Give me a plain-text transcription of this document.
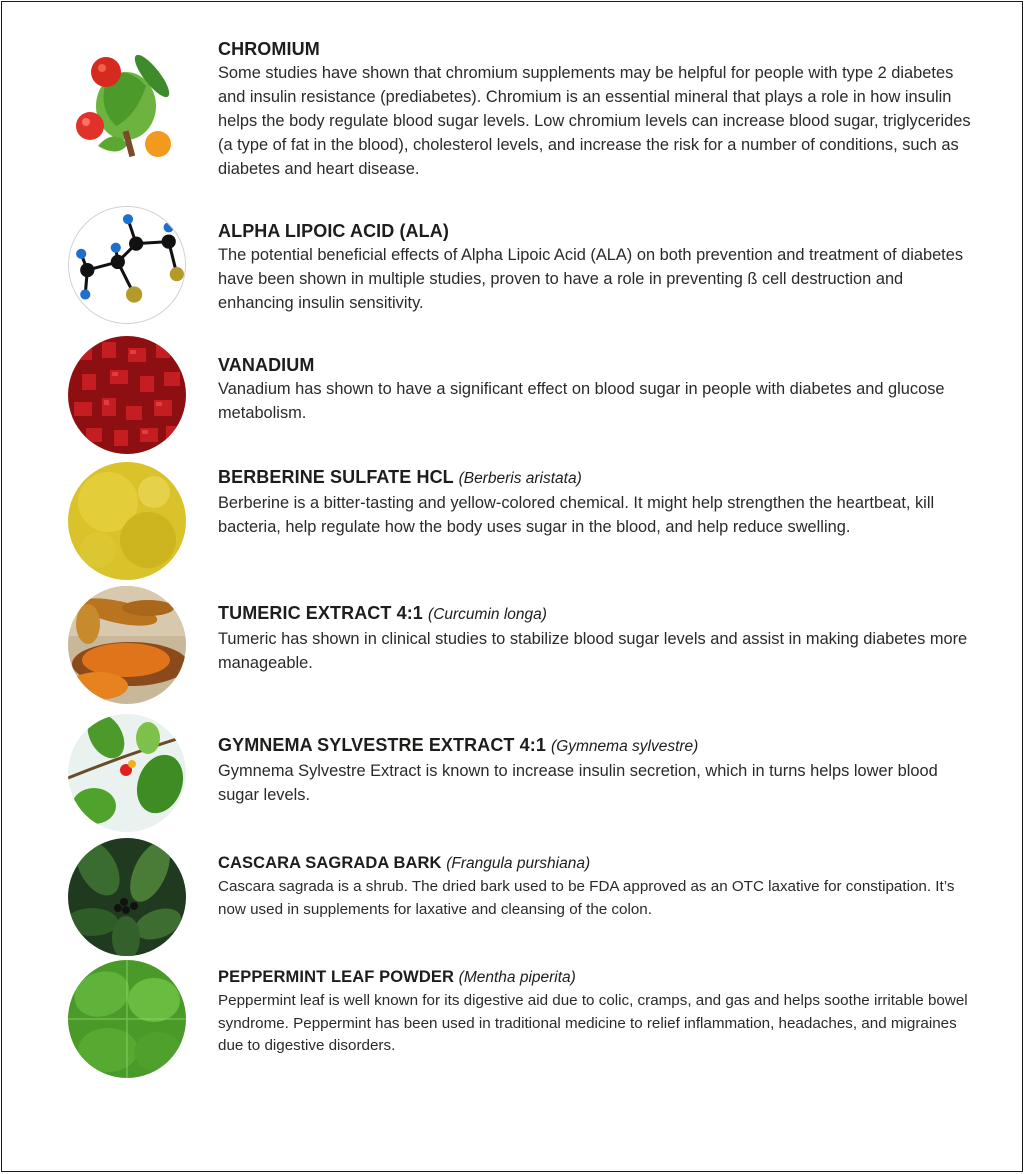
CHROMIUM

Some studies have shown that chromium supplements may be helpful for people with type 2 diabetes and insulin resistance (prediabetes). Chromium is an essential mineral that plays a role in how insulin helps the body regulate blood sugar levels. Low chromium levels can increase blood sugar, triglycerides (a type of fat in the blood), cholesterol levels, and increase the risk for a number of conditions, such as diabetes and heart disease.

ALPHA LIPOIC ACID (ALA)

The potential beneficial effects of Alpha Lipoic Acid (ALA) on both prevention and treatment of diabetes have been shown in multiple studies, proven to have a role in preventing ß cell destruction and enhancing insulin sensitivity.

VANADIUM

Vanadium has shown to have a significant effect on blood sugar in people with diabetes and glucose metabolism.

BERBERINE SULFATE HCL (Berberis aristata)

Berberine is a bitter-tasting and yellow-colored chemical. It might help strengthen the heartbeat, kill bacteria, help regulate how the body uses sugar in the blood, and help reduce swelling.

TUMERIC EXTRACT 4:1 (Curcumin longa)

Tumeric has shown in clinical studies to stabilize blood sugar levels and assist in making diabetes more manageable.

GYMNEMA SYLVESTRE EXTRACT 4:1 (Gymnema sylvestre)

Gymnema Sylvestre Extract is known to increase insulin secretion, which in turns helps lower blood sugar levels.

CASCARA SAGRADA BARK (Frangula purshiana)

Cascara sagrada is a shrub. The dried bark used to be FDA approved as an OTC laxative for constipation. It’s now used in supplements for laxative and cleansing of the colon.

PEPPERMINT LEAF POWDER (Mentha piperita)

Peppermint leaf is well known for its digestive aid due to colic, cramps, and gas and helps soothe irritable bowel syndrome. Peppermint has been used in traditional medicine to relief inflammation, headaches, and migraines due to digestive disorders.
